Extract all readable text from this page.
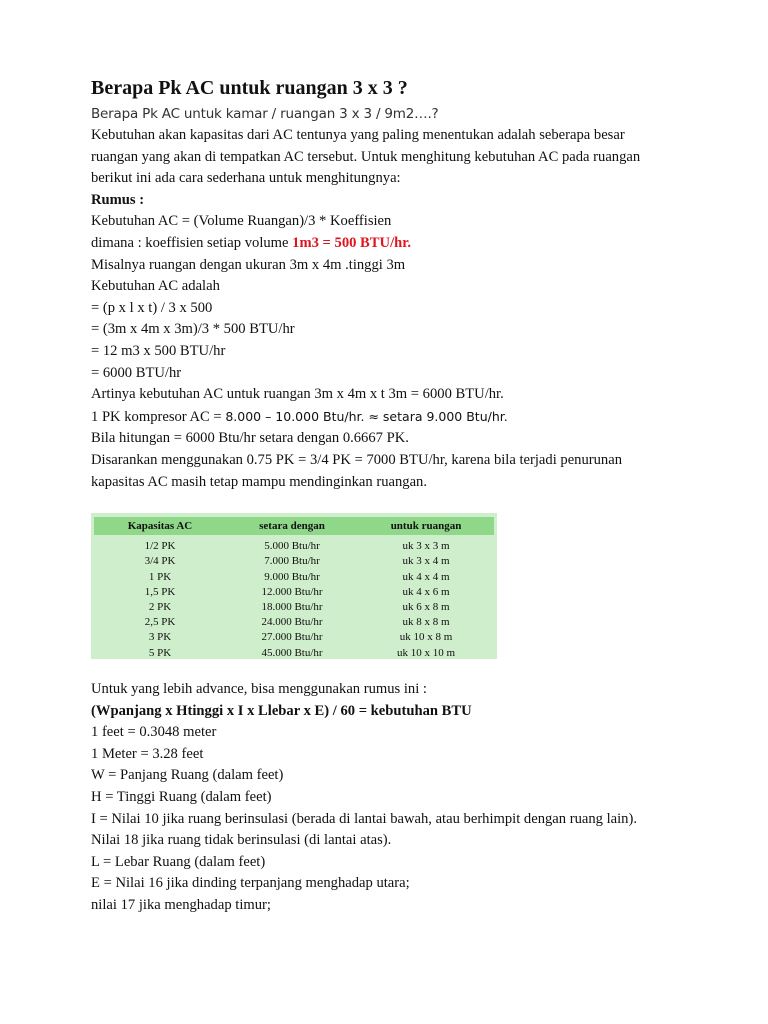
Berapa Pk AC untuk ruangan 3 x 3 ?
Berapa Pk AC untuk kamar / ruangan 3 x 3 / 9m2….?
Kebutuhan akan kapasitas dari AC tentunya yang paling menentukan adalah seberapa besar
ruangan yang akan di tempatkan AC tersebut. Untuk menghitung kebutuhan AC pada ruangan
berikut ini ada cara sederhana untuk menghitungnya:
Rumus :
Kebutuhan AC = (Volume Ruangan)/3 * Koeffisien
dimana : koeffisien setiap volume 1m3 = 500 BTU/hr.
Misalnya ruangan dengan ukuran 3m x 4m .tinggi 3m
Kebutuhan AC adalah
= (p x l x t) / 3 x 500
= (3m x 4m x 3m)/3 * 500 BTU/hr
= 12 m3 x 500 BTU/hr
= 6000 BTU/hr
Artinya kebutuhan AC untuk ruangan 3m x 4m x t 3m = 6000 BTU/hr.
1 PK kompresor AC = 8.000 – 10.000 Btu/hr. ≈ setara 9.000 Btu/hr.
Bila hitungan = 6000 Btu/hr setara dengan 0.6667 PK.
Disarankan menggunakan 0.75 PK = 3/4 PK = 7000 BTU/hr, karena bila terjadi penurunan
kapasitas AC masih tetap mampu mendinginkan ruangan.
Kapasitas AC	setara dengan	untuk ruangan
1/2 PK	5.000 Btu/hr	uk 3 x 3 m
3/4 PK	7.000 Btu/hr	uk 3 x 4 m
1 PK	9.000 Btu/hr	uk 4 x 4 m
1,5 PK	12.000 Btu/hr	uk 4 x 6 m
2 PK	18.000 Btu/hr	uk 6 x 8 m
2,5 PK	24.000 Btu/hr	uk 8 x 8 m
3 PK	27.000 Btu/hr	uk 10 x 8 m
5 PK	45.000 Btu/hr	uk 10 x 10 m
Untuk yang lebih advance, bisa menggunakan rumus ini :
(Wpanjang x Htinggi x I x Llebar x E) / 60 = kebutuhan BTU
1 feet = 0.3048 meter
1 Meter = 3.28 feet
W = Panjang Ruang (dalam feet)
H = Tinggi Ruang (dalam feet)
I = Nilai 10 jika ruang berinsulasi (berada di lantai bawah, atau berhimpit dengan ruang lain).
Nilai 18 jika ruang tidak berinsulasi (di lantai atas).
L = Lebar Ruang (dalam feet)
E = Nilai 16 jika dinding terpanjang menghadap utara;
nilai 17 jika menghadap timur;
